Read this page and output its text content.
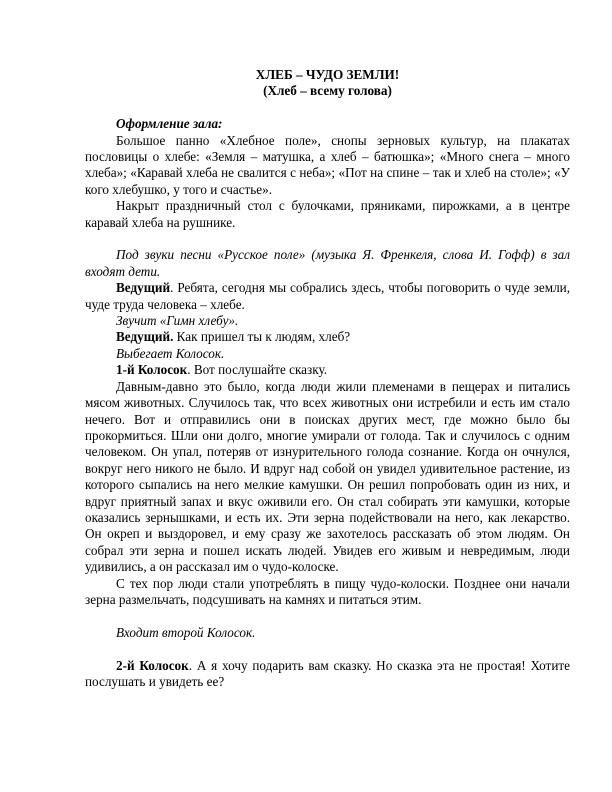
ХЛЕБ – ЧУДО ЗЕМЛИ!
(Хлеб – всему голова)

Оформление зала:

Большое панно «Хлебное поле», снопы зерновых культур, на плакатах пословицы о хлебе: «Земля – матушка, а хлеб – батюшка»; «Много снега – много хлеба»; «Каравай хлеба не свалится с неба»; «Пот на спине – так и хлеб на столе»; «У кого хлебушко, у того и счастье».

Накрыт праздничный стол с булочками, пряниками, пирожками, а в центре каравай хлеба на рушнике.

Под звуки песни «Русское поле» (музыка Я. Френкеля, слова И. Гофф) в зал входят дети.

Ведущий. Ребята, сегодня мы собрались здесь, чтобы поговорить о чуде земли, чуде труда человека – хлебе.

Звучит «Гимн хлебу».

Ведущий. Как пришел ты к людям, хлеб?

Выбегает Колосок.

1-й Колосок. Вот послушайте сказку.

Давным-давно это было, когда люди жили племенами в пещерах и питались мясом животных. Случилось так, что всех животных они истребили и есть им стало нечего. Вот и отправились они в поисках других мест, где можно было бы прокормиться. Шли они долго, многие умирали от голода. Так и случилось с одним человеком. Он упал, потеряв от изнурительного голода сознание. Когда он очнулся, вокруг него никого не было. И вдруг над собой он увидел удивительное растение, из которого сыпались на него мелкие камушки. Он решил попробовать один из них, и вдруг приятный запах и вкус оживили его. Он стал собирать эти камушки, которые оказались зернышками, и есть их. Эти зерна подействовали на него, как лекарство. Он окреп и выздоровел, и ему сразу же захотелось рассказать об этом людям. Он собрал эти зерна и пошел искать людей. Увидев его живым и невредимым, люди удивились, а он рассказал им о чудо-колоске.

С тех пор люди стали употреблять в пищу чудо-колоски. Позднее они начали зерна размельчать, подсушивать на камнях и питаться этим.

Входит второй Колосок.

2-й Колосок. А я хочу подарить вам сказку. Но сказка эта не простая! Хотите послушать и увидеть ее?
